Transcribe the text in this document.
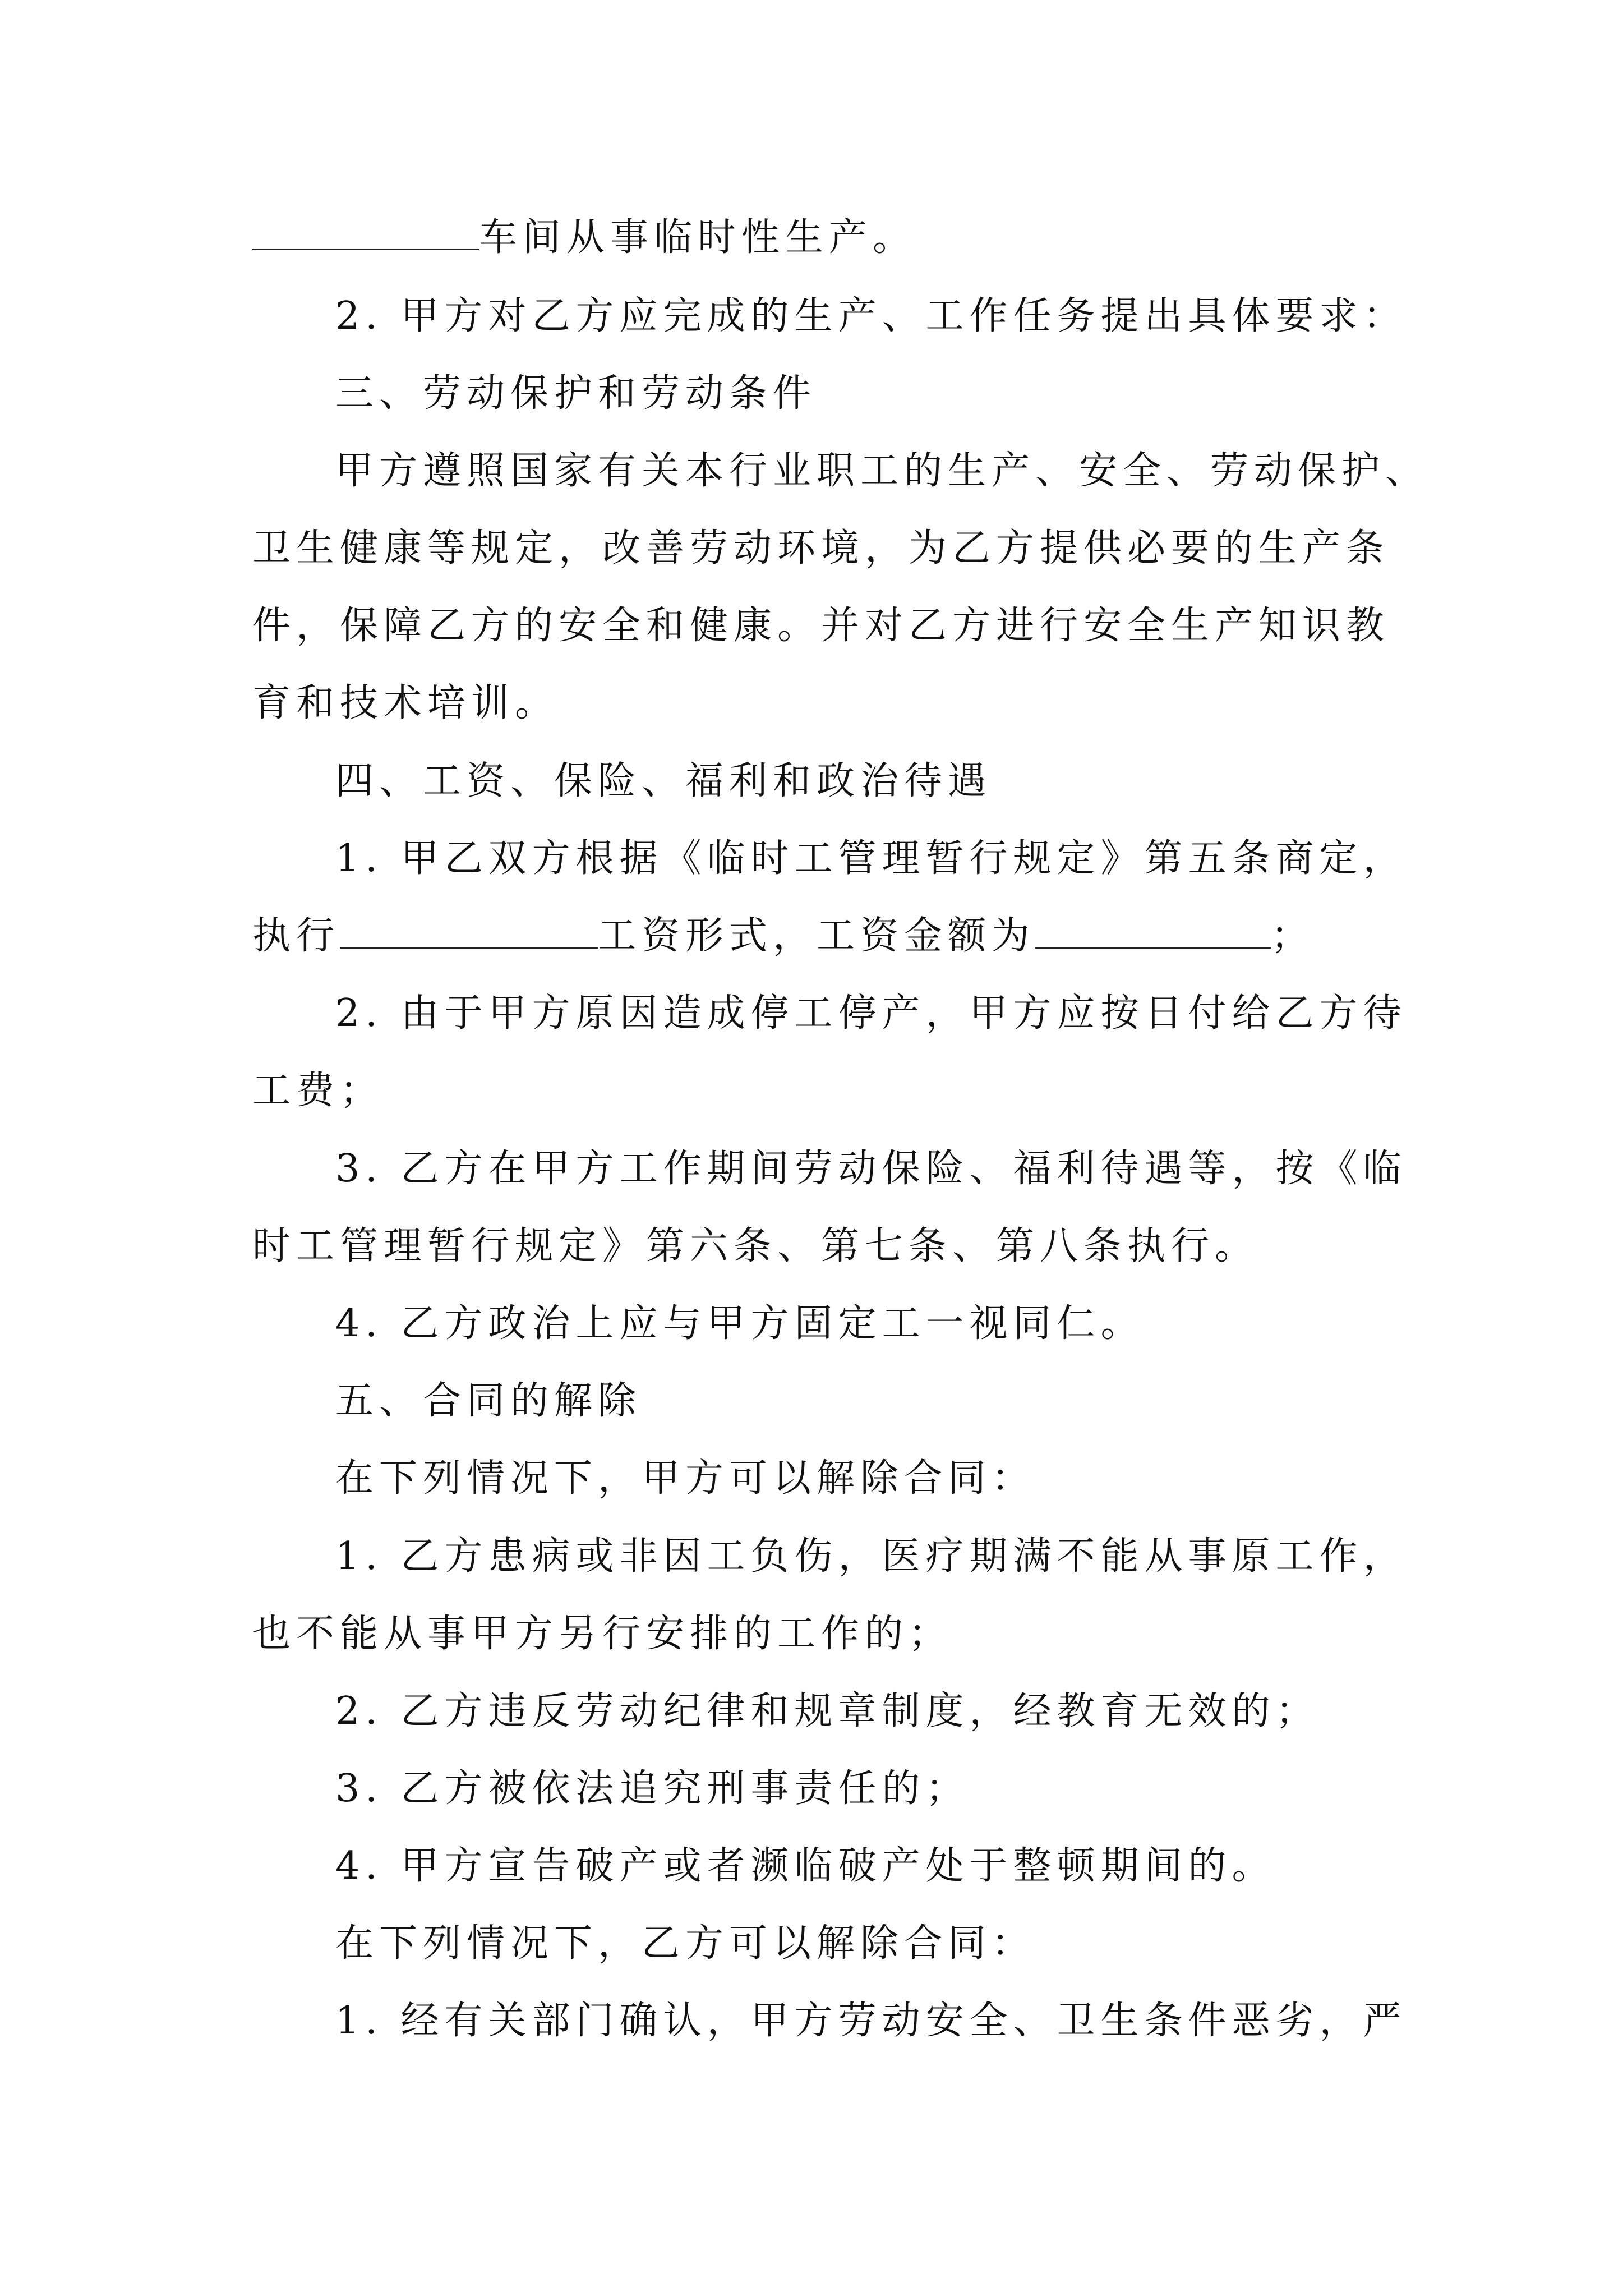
车间从事临时性生产。
2. 甲方对乙方应完成的生产、工作任务提出具体要求：
三、劳动保护和劳动条件
甲方遵照国家有关本行业职工的生产、安全、劳动保护、
卫生健康等规定，改善劳动环境，为乙方提供必要的生产条
件，保障乙方的安全和健康。并对乙方进行安全生产知识教
育和技术培训。
四、工资、保险、福利和政治待遇
1. 甲乙双方根据《临时工管理暂行规定》第五条商定，
执行	工资形式，工资金额为	；
2. 由于甲方原因造成停工停产，甲方应按日付给乙方待
工费；
3. 乙方在甲方工作期间劳动保险、福利待遇等，按《临
时工管理暂行规定》第六条、第七条、第八条执行。
4. 乙方政治上应与甲方固定工一视同仁。
五、合同的解除
在下列情况下，甲方可以解除合同：
1. 乙方患病或非因工负伤，医疗期满不能从事原工作，
也不能从事甲方另行安排的工作的；
2. 乙方违反劳动纪律和规章制度，经教育无效的；
3. 乙方被依法追究刑事责任的；
4. 甲方宣告破产或者濒临破产处于整顿期间的。
在下列情况下，乙方可以解除合同：
1. 经有关部门确认，甲方劳动安全、卫生条件恶劣，严
